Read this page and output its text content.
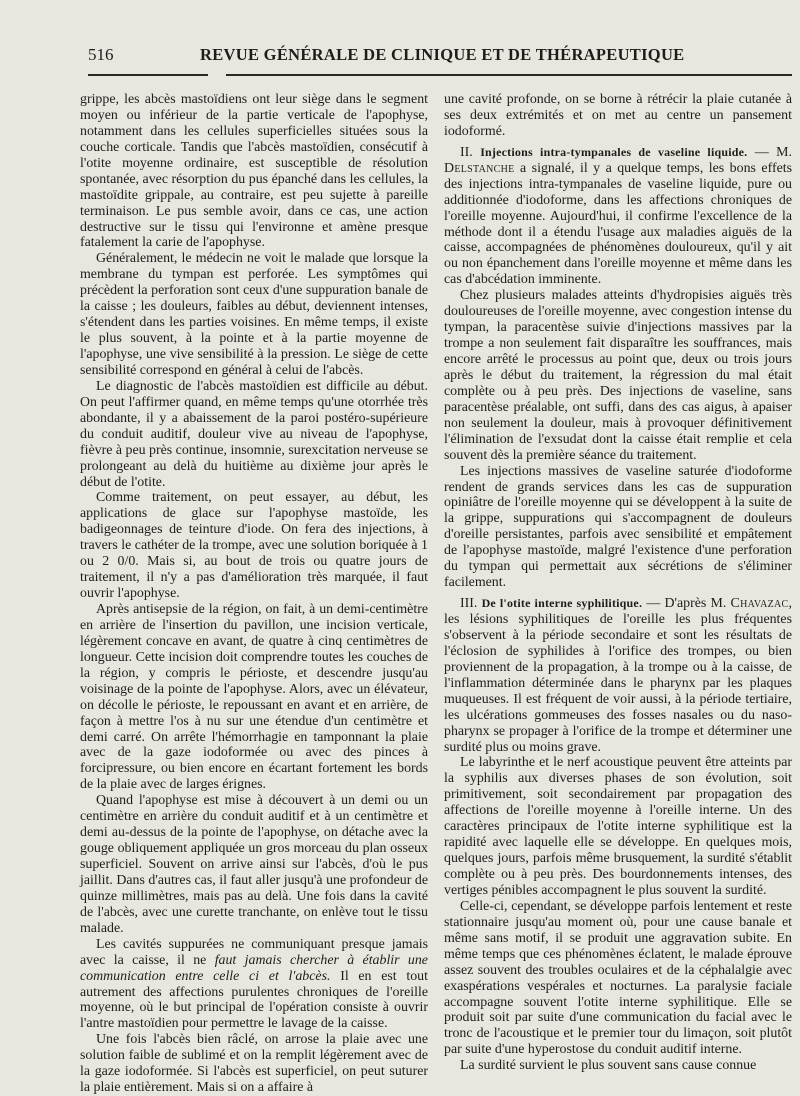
516	REVUE GÉNÉRALE DE CLINIQUE ET DE THÉRAPEUTIQUE

grippe, les abcès mastoïdiens ont leur siège dans le segment moyen ou inférieur de la partie verticale de l'apophyse, notamment dans les cellules superficielles situées sous la couche corticale. Tandis que l'abcès mastoïdien, consécutif à l'otite moyenne ordinaire, est susceptible de résolution spontanée, avec résorption du pus épanché dans les cellules, la mastoïdite grippale, au contraire, est peu sujette à pareille terminaison. Le pus semble avoir, dans ce cas, une action destructive sur le tissu qui l'environne et amène presque fatalement la carie de l'apophyse.

Généralement, le médecin ne voit le malade que lorsque la membrane du tympan est perforée. Les symptômes qui précèdent la perforation sont ceux d'une suppuration banale de la caisse ; les douleurs, faibles au début, deviennent intenses, s'étendent dans les parties voisines. En même temps, il existe le plus souvent, à la pointe et à la partie moyenne de l'apophyse, une vive sensibilité à la pression. Le siège de cette sensibilité correspond en général à celui de l'abcès.

Le diagnostic de l'abcès mastoïdien est difficile au début. On peut l'affirmer quand, en même temps qu'une otorrhée très abondante, il y a abaissement de la paroi postéro-supérieure du conduit auditif, douleur vive au niveau de l'apophyse, fièvre à peu près continue, insomnie, surexcitation nerveuse se prolongeant au delà du huitième au dixième jour après le début de l'otite.

Comme traitement, on peut essayer, au début, les applications de glace sur l'apophyse mastoïde, les badigeonnages de teinture d'iode. On fera des injections, à travers le cathéter de la trompe, avec une solution boriquée à 1 ou 2 0/0. Mais si, au bout de trois ou quatre jours de traitement, il n'y a pas d'amélioration très marquée, il faut ouvrir l'apophyse.

Après antisepsie de la région, on fait, à un demi-centimètre en arrière de l'insertion du pavillon, une incision verticale, légèrement concave en avant, de quatre à cinq centimètres de longueur. Cette incision doit comprendre toutes les couches de la région, y compris le périoste, et descendre jusqu'au voisinage de la pointe de l'apophyse. Alors, avec un élévateur, on décolle le périoste, le repoussant en avant et en arrière, de façon à mettre l'os à nu sur une étendue d'un centimètre et demi carré. On arrête l'hémorrhagie en tamponnant la plaie avec de la gaze iodoformée ou avec des pinces à forcipressure, ou bien encore en écartant fortement les bords de la plaie avec de larges érignes.

Quand l'apophyse est mise à découvert à un demi ou un centimètre en arrière du conduit auditif et à un centimètre et demi au-dessus de la pointe de l'apophyse, on détache avec la gouge obliquement appliquée un gros morceau du plan osseux superficiel. Souvent on arrive ainsi sur l'abcès, d'où le pus jaillit. Dans d'autres cas, il faut aller jusqu'à une profondeur de quinze millimètres, mais pas au delà. Une fois dans la cavité de l'abcès, avec une curette tranchante, on enlève tout le tissu malade.

Les cavités suppurées ne communiquant presque jamais avec la caisse, il ne faut jamais chercher à établir une communication entre celle ci et l'abcès. Il en est tout autrement des affections purulentes chroniques de l'oreille moyenne, où le but principal de l'opération consiste à ouvrir l'antre mastoïdien pour permettre le lavage de la caisse.

Une fois l'abcès bien râclé, on arrose la plaie avec une solution faible de sublimé et on la remplit légèrement avec de la gaze iodoformée. Si l'abcès est superficiel, on peut suturer la plaie entièrement. Mais si on a affaire à

une cavité profonde, on se borne à rétrécir la plaie cutanée à ses deux extrémités et on met au centre un pansement iodoformé.

II. Injections intra-tympanales de vaseline liquide. — M. Delstanche a signalé, il y a quelque temps, les bons effets des injections intra-tympanales de vaseline liquide, pure ou additionnée d'iodoforme, dans les affections chroniques de l'oreille moyenne. Aujourd'hui, il confirme l'excellence de la méthode dont il a étendu l'usage aux maladies aiguës de la caisse, accompagnées de phénomènes douloureux, qu'il y ait ou non épanchement dans l'oreille moyenne et même dans les cas d'abcédation imminente.

Chez plusieurs malades atteints d'hydropisies aiguës très douloureuses de l'oreille moyenne, avec congestion intense du tympan, la paracentèse suivie d'injections massives par la trompe a non seulement fait disparaître les souffrances, mais encore arrêté le processus au point que, deux ou trois jours après le début du traitement, la régression du mal était complète ou à peu près. Des injections de vaseline, sans paracentèse préalable, ont suffi, dans des cas aigus, à apaiser non seulement la douleur, mais à provoquer définitivement l'élimination de l'exsudat dont la caisse était remplie et cela souvent dès la première séance du traitement.

Les injections massives de vaseline saturée d'iodoforme rendent de grands services dans les cas de suppuration opiniâtre de l'oreille moyenne qui se développent à la suite de la grippe, suppurations qui s'accompagnent de douleurs d'oreille persistantes, parfois avec sensibilité et empâtement de l'apophyse mastoïde, malgré l'existence d'une perforation du tympan qui permettait aux sécrétions de s'éliminer facilement.

III. De l'otite interne syphilitique. — D'après M. Chavazac, les lésions syphilitiques de l'oreille les plus fréquentes s'observent à la période secondaire et sont les résultats de l'éclosion de syphilides à l'orifice des trompes, ou bien proviennent de la propagation, à la trompe ou à la caisse, de l'inflammation déterminée dans le pharynx par les plaques muqueuses. Il est fréquent de voir aussi, à la période tertiaire, les ulcérations gommeuses des fosses nasales ou du naso-pharynx se propager à l'orifice de la trompe et déterminer une surdité plus ou moins grave.

Le labyrinthe et le nerf acoustique peuvent être atteints par la syphilis aux diverses phases de son évolution, soit primitivement, soit secondairement par propagation des affections de l'oreille moyenne à l'oreille interne. Un des caractères principaux de l'otite interne syphilitique est la rapidité avec laquelle elle se développe. En quelques mois, quelques jours, parfois même brusquement, la surdité s'établit complète ou à peu près. Des bourdonnements intenses, des vertiges pénibles accompagnent le plus souvent la surdité.

Celle-ci, cependant, se développe parfois lentement et reste stationnaire jusqu'au moment où, pour une cause banale et même sans motif, il se produit une aggravation subite. En même temps que ces phénomènes éclatent, le malade éprouve assez souvent des troubles oculaires et de la céphalalgie avec exaspérations vespérales et nocturnes. La paralysie faciale accompagne souvent l'otite interne syphilitique. Elle se produit soit par suite d'une communication du facial avec le tronc de l'acoustique et le premier tour du limaçon, soit plutôt par suite d'une hyperostose du conduit auditif interne.

La surdité survient le plus souvent sans cause connue
